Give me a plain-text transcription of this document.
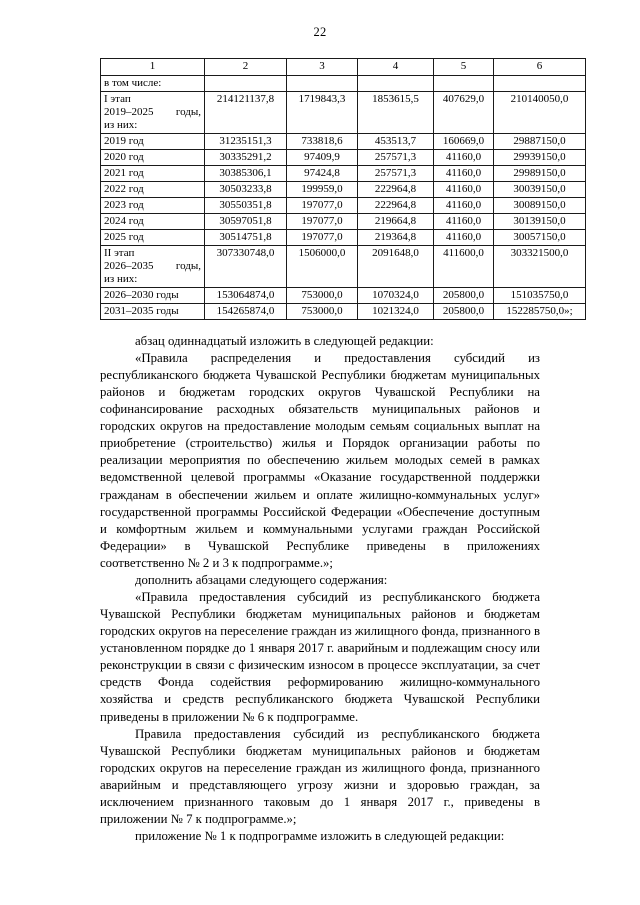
22
1	2	3	4	5	6
в том числе:					

I этап
2019–2025 годы,
из них:	214121137,8	1719843,3	1853615,5	407629,0	210140050,0
2019 год	31235151,3	733818,6	453513,7	160669,0	29887150,0
2020 год	30335291,2	97409,9	257571,3	41160,0	29939150,0
2021 год	30385306,1	97424,8	257571,3	41160,0	29989150,0
2022 год	30503233,8	199959,0	222964,8	41160,0	30039150,0
2023 год	30550351,8	197077,0	222964,8	41160,0	30089150,0
2024 год	30597051,8	197077,0	219664,8	41160,0	30139150,0
2025 год	30514751,8	197077,0	219364,8	41160,0	30057150,0

II этап
2026–2035 годы,
из них:	307330748,0	1506000,0	2091648,0	411600,0	303321500,0
2026–2030 годы	153064874,0	753000,0	1070324,0	205800,0	151035750,0
2031–2035 годы	154265874,0	753000,0	1021324,0	205800,0	152285750,0»;

абзац одиннадцатый изложить в следующей редакции:

«Правила распределения и предоставления субсидий из республиканского бюджета Чувашской Республики бюджетам муниципальных районов и бюджетам городских округов Чувашской Республики на софинансирование расходных обязательств муниципальных районов и городских округов на предоставление молодым семьям социальных выплат на приобретение (строительство) жилья и Порядок организации работы по реализации мероприятия по обеспечению жильем молодых семей в рамках ведомственной целевой программы «Оказание государственной поддержки гражданам в обеспечении жильем и оплате жилищно-коммунальных услуг» государственной программы Российской Федерации «Обеспечение доступным и комфортным жильем и коммунальными услугами граждан Российской Федерации» в Чувашской Республике приведены в приложениях соответственно № 2 и 3 к подпрограмме.»;

дополнить абзацами следующего содержания:

«Правила предоставления субсидий из республиканского бюджета Чувашской Республики бюджетам муниципальных районов и бюджетам городских округов на переселение граждан из жилищного фонда, признанного в установленном порядке до 1 января 2017 г. аварийным и подлежащим сносу или реконструкции в связи с физическим износом в процессе эксплуатации, за счет средств Фонда содействия реформированию жилищно-коммунального хозяйства и средств республиканского бюджета Чувашской Республики приведены в приложении № 6 к подпрограмме.

Правила предоставления субсидий из республиканского бюджета Чувашской Республики бюджетам муниципальных районов и бюджетам городских округов на переселение граждан из жилищного фонда, признанного аварийным и представляющего угрозу жизни и здоровью граждан, за исключением признанного таковым до 1 января 2017 г., приведены в приложении № 7 к подпрограмме.»;

приложение № 1 к подпрограмме изложить в следующей редакции:
